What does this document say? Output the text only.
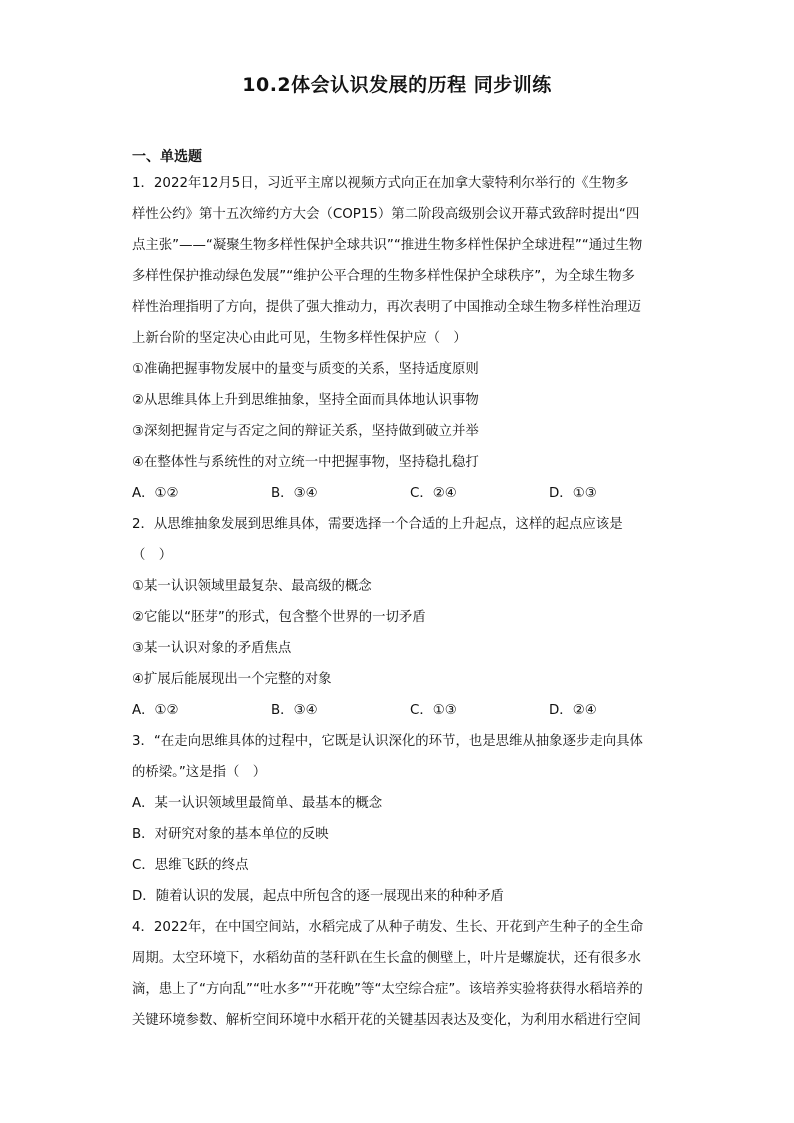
10.2体会认识发展的历程 同步训练
一、单选题
1．2022年12月5日，习近平主席以视频方式向正在加拿大蒙特利尔举行的《生物多
样性公约》第十五次缔约方大会（COP15）第二阶段高级别会议开幕式致辞时提出“四
点主张”——“凝聚生物多样性保护全球共识”“推进生物多样性保护全球进程”“通过生物
多样性保护推动绿色发展”“维护公平合理的生物多样性保护全球秩序”，为全球生物多
样性治理指明了方向，提供了强大推动力，再次表明了中国推动全球生物多样性治理迈
上新台阶的坚定决心由此可见，生物多样性保护应（　）
①准确把握事物发展中的量变与质变的关系，坚持适度原则
②从思维具体上升到思维抽象，坚持全面而具体地认识事物
③深刻把握肯定与否定之间的辩证关系，坚持做到破立并举
④在整体性与系统性的对立统一中把握事物，坚持稳扎稳打
A．①②	B．③④	C．②④	D．①③
2．从思维抽象发展到思维具体，需要选择一个合适的上升起点，这样的起点应该是
（　）
①某一认识领域里最复杂、最高级的概念
②它能以“胚芽”的形式，包含整个世界的一切矛盾
③某一认识对象的矛盾焦点
④扩展后能展现出一个完整的对象
A．①②	B．③④	C．①③	D．②④
3．“在走向思维具体的过程中，它既是认识深化的环节，也是思维从抽象逐步走向具体
的桥梁。”这是指（　）
A．某一认识领域里最简单、最基本的概念
B．对研究对象的基本单位的反映
C．思维飞跃的终点
D．随着认识的发展，起点中所包含的逐一展现出来的种种矛盾
4．2022年，在中国空间站，水稻完成了从种子萌发、生长、开花到产生种子的全生命
周期。太空环境下，水稻幼苗的茎秆趴在生长盒的侧壁上，叶片是螺旋状，还有很多水
滴，患上了“方向乱”“吐水多”“开花晚”等“太空综合症”。该培养实验将获得水稻培养的
关键环境参数、解析空间环境中水稻开花的关键基因表达及变化，为利用水稻进行空间
